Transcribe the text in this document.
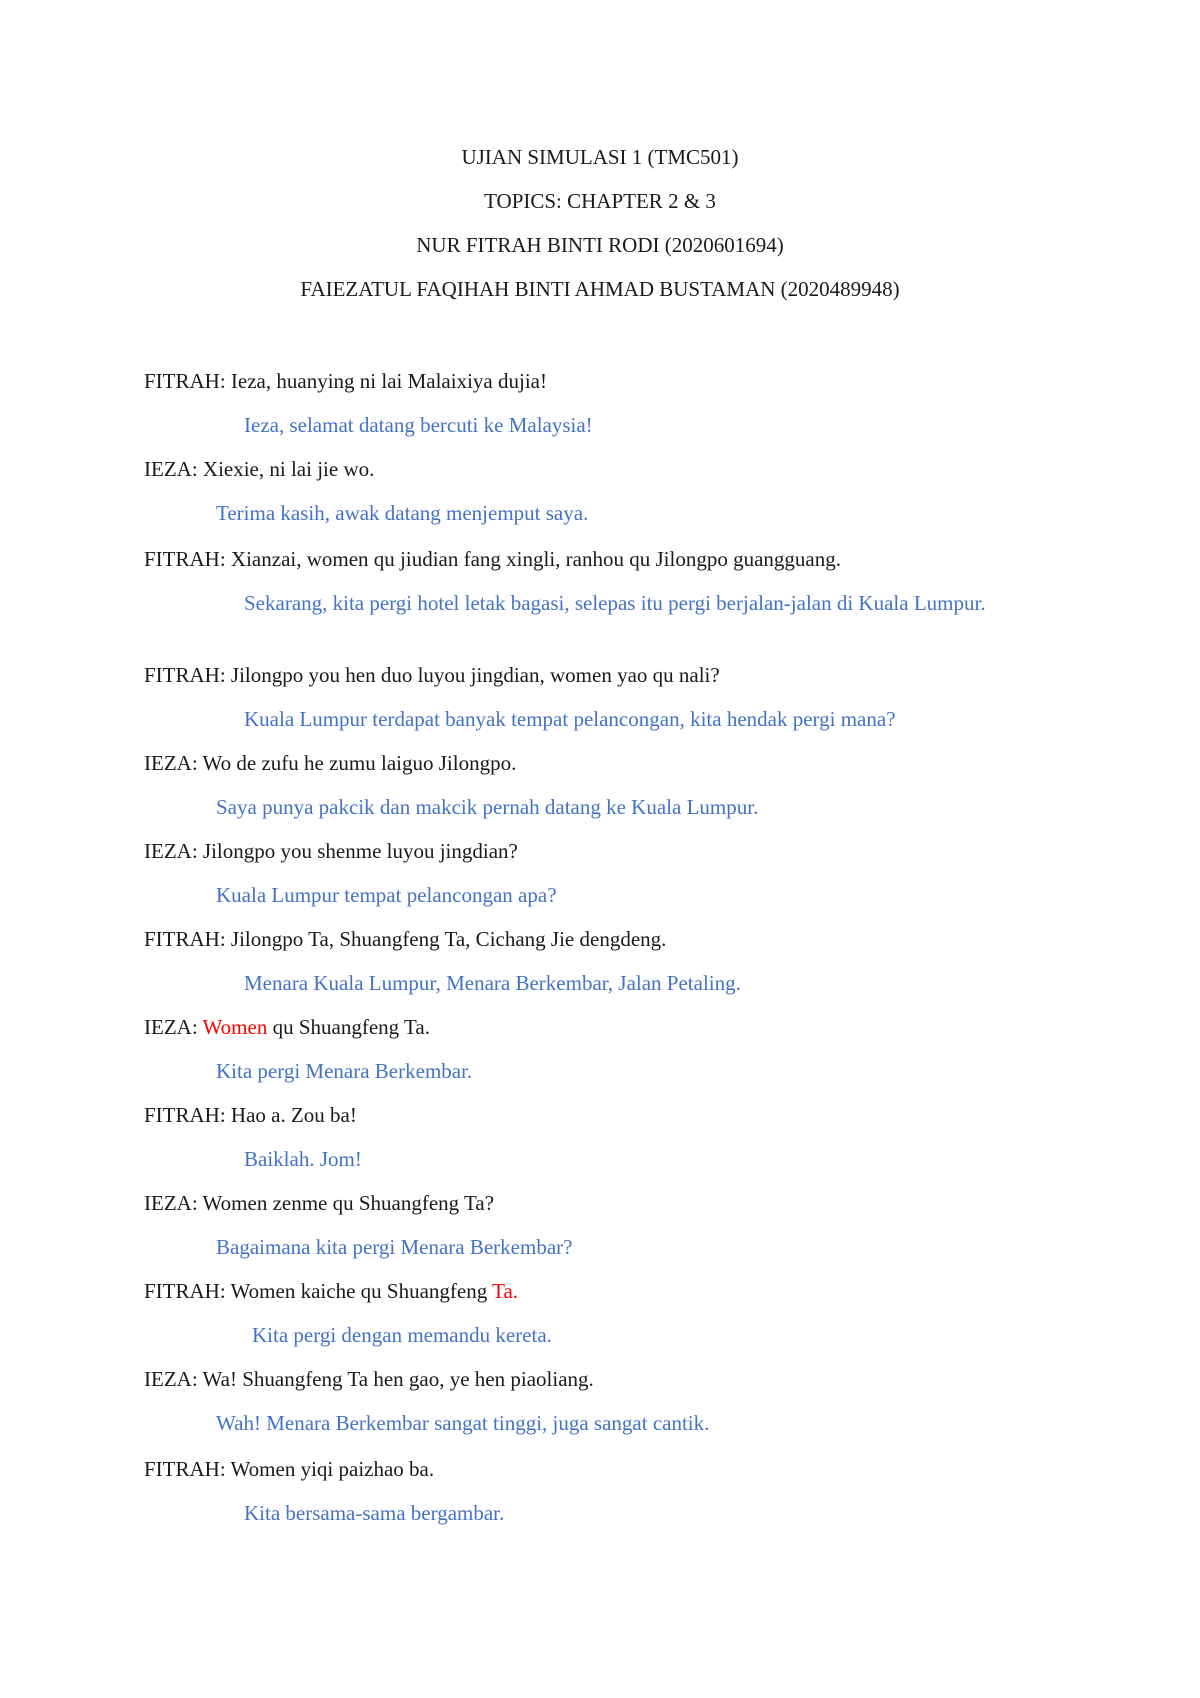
UJIAN SIMULASI 1 (TMC501)
TOPICS: CHAPTER 2 & 3
NUR FITRAH BINTI RODI (2020601694)
FAIEZATUL FAQIHAH BINTI AHMAD BUSTAMAN (2020489948)
FITRAH: Ieza, huanying ni lai Malaixiya dujia!
Ieza, selamat datang bercuti ke Malaysia!
IEZA: Xiexie, ni lai jie wo.
Terima kasih, awak datang menjemput saya.
FITRAH: Xianzai, women qu jiudian fang xingli, ranhou qu Jilongpo guangguang.
Sekarang, kita pergi hotel letak bagasi, selepas itu pergi berjalan-jalan di Kuala Lumpur.
FITRAH: Jilongpo you hen duo luyou jingdian, women yao qu nali?
Kuala Lumpur terdapat banyak tempat pelancongan, kita hendak pergi mana?
IEZA: Wo de zufu he zumu laiguo Jilongpo.
Saya punya pakcik dan makcik pernah datang ke Kuala Lumpur.
IEZA: Jilongpo you shenme luyou jingdian?
Kuala Lumpur tempat pelancongan apa?
FITRAH: Jilongpo Ta, Shuangfeng Ta, Cichang Jie dengdeng.
Menara Kuala Lumpur, Menara Berkembar, Jalan Petaling.
IEZA: Women qu Shuangfeng Ta.
Kita pergi Menara Berkembar.
FITRAH: Hao a. Zou ba!
Baiklah. Jom!
IEZA: Women zenme qu Shuangfeng Ta?
Bagaimana kita pergi Menara Berkembar?
FITRAH: Women kaiche qu Shuangfeng Ta.
Kita pergi dengan memandu kereta.
IEZA: Wa! Shuangfeng Ta hen gao, ye hen piaoliang.
Wah! Menara Berkembar sangat tinggi, juga sangat cantik.
FITRAH: Women yiqi paizhao ba.
Kita bersama-sama bergambar.
